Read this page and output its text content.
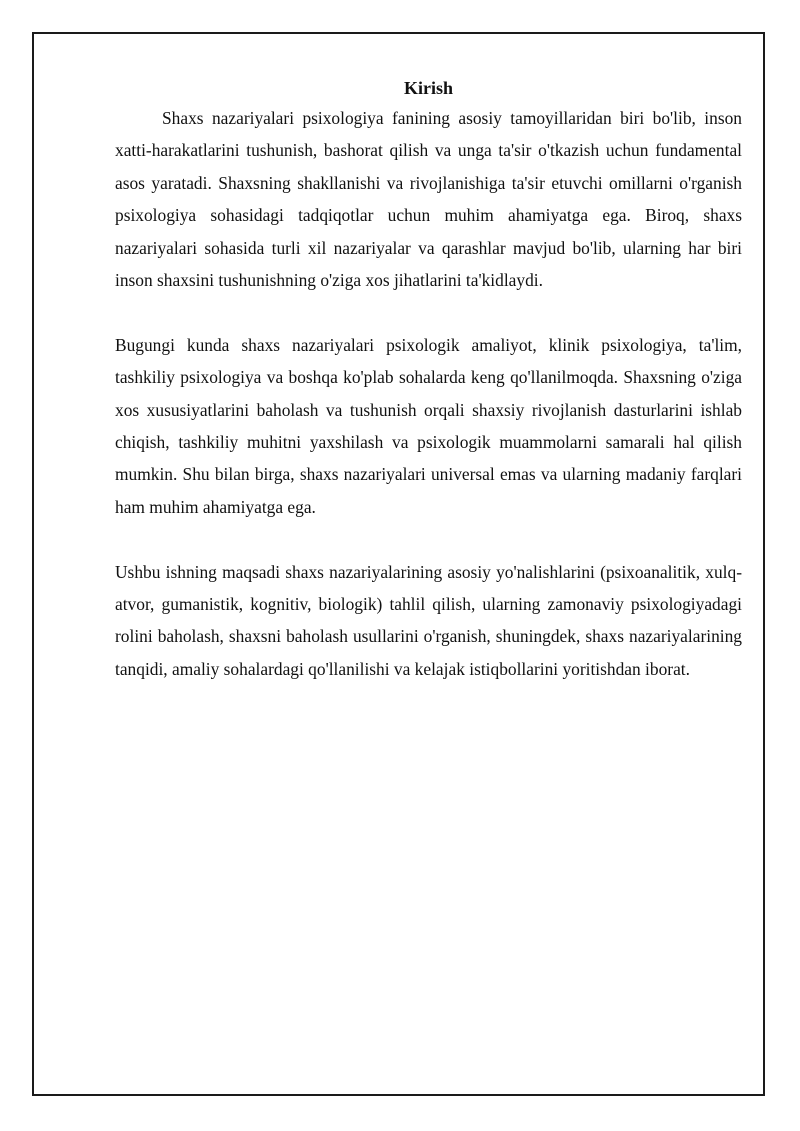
Kirish

Shaxs nazariyalari psixologiya fanining asosiy tamoyillaridan biri bo'lib, inson xatti-harakatlarini tushunish, bashorat qilish va unga ta'sir o'tkazish uchun fundamental asos yaratadi. Shaxsning shakllanishi va rivojlanishiga ta'sir etuvchi omillarni o'rganish psixologiya sohasidagi tadqiqotlar uchun muhim ahamiyatga ega. Biroq, shaxs nazariyalari sohasida turli xil nazariyalar va qarashlar mavjud bo'lib, ularning har biri inson shaxsini tushunishning o'ziga xos jihatlarini ta'kidlaydi.

Bugungi kunda shaxs nazariyalari psixologik amaliyot, klinik psixologiya, ta'lim, tashkiliy psixologiya va boshqa ko'plab sohalarda keng qo'llanilmoqda. Shaxsning o'ziga xos xususiyatlarini baholash va tushunish orqali shaxsiy rivojlanish dasturlarini ishlab chiqish, tashkiliy muhitni yaxshilash va psixologik muammolarni samarali hal qilish mumkin. Shu bilan birga, shaxs nazariyalari universal emas va ularning madaniy farqlari ham muhim ahamiyatga ega.

Ushbu ishning maqsadi shaxs nazariyalarining asosiy yo'nalishlarini (psixoanalitik, xulq-atvor, gumanistik, kognitiv, biologik) tahlil qilish, ularning zamonaviy psixologiyadagi rolini baholash, shaxsni baholash usullarini o'rganish, shuningdek, shaxs nazariyalarining tanqidi, amaliy sohalardagi qo'llanilishi va kelajak istiqbollarini yoritishdan iborat.
